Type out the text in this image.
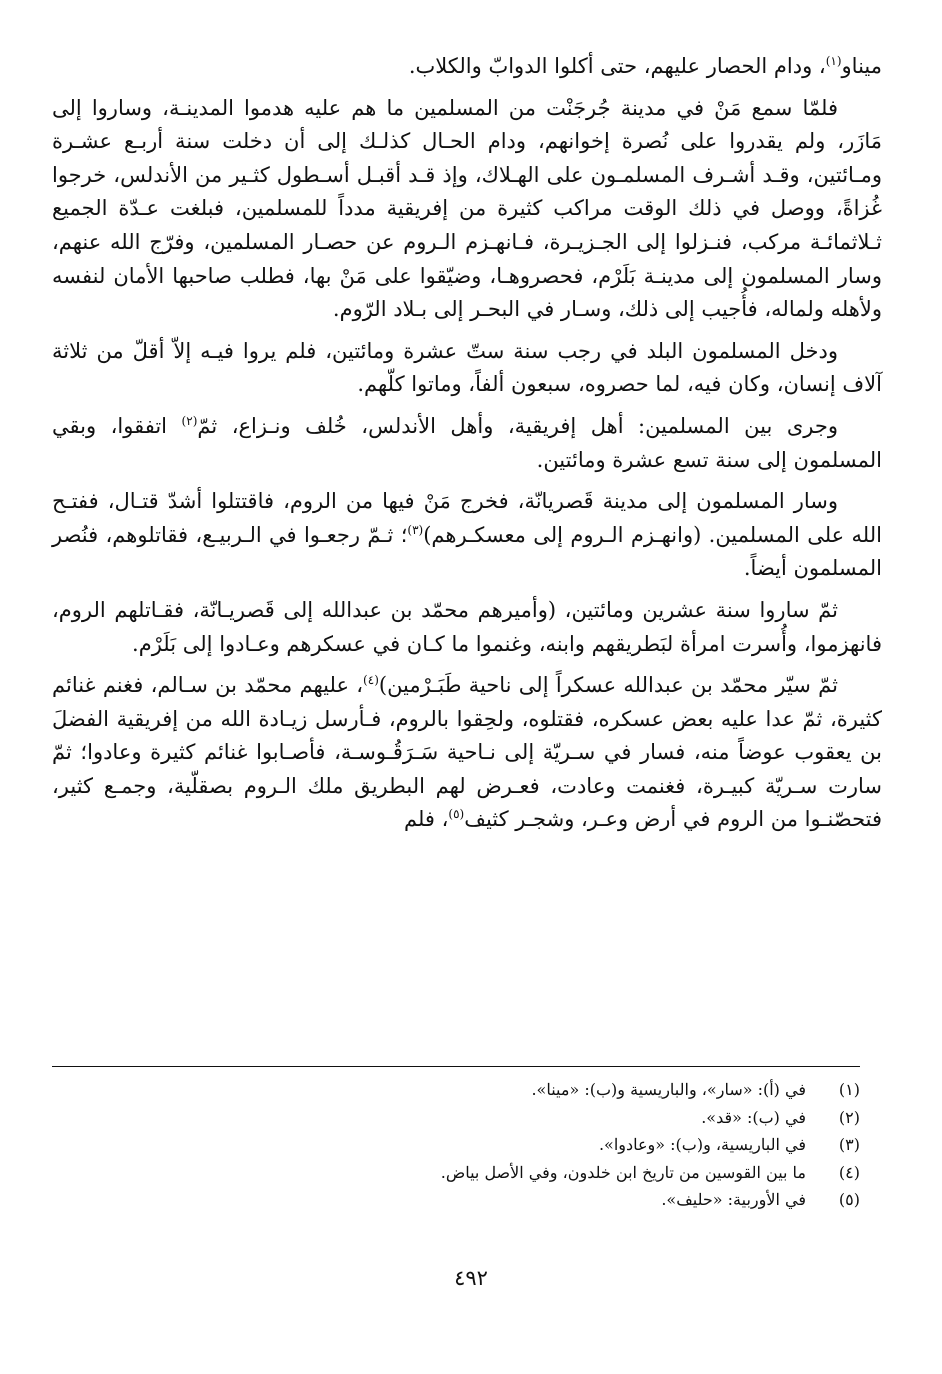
ميناو$^{(١)}$، ودام الحصار عليهم، حتى أكلوا الدوابّ والكلاب.

فلمّا سمع مَنْ في مدينة جُرجَنْت من المسلمين ما هم عليه هدموا المدينـة، وساروا إلى مَازَر، ولم يقدروا على نُصرة إخوانهم، ودام الحـال كذلـك إلى أن دخلت سنة أربـع عشـرة ومـائتين، وقـد أشـرف المسلمـون على الهـلاك، وإذ قـد أقبـل أسـطول كثـير من الأندلس، خرجوا غُزاةً، ووصل في ذلك الوقت مراكب كثيرة من إفريقية مدداً للمسلمين، فبلغت عـدّة الجميع ثـلاثمائـة مركب، فنـزلوا إلى الجـزيـرة، فـانهـزم الـروم عن حصـار المسلمين، وفرّج الله عنهم، وسار المسلمون إلى مدينـة بَلَرْم، فحصروهـا، وضيّقوا على مَنْ بها، فطلب صاحبها الأمان لنفسه ولأهله ولماله، فأُجيب إلى ذلك، وسـار في البحـر إلى بـلاد الرّوم.

ودخل المسلمون البلد في رجب سنة ستّ عشرة ومائتين، فلم يروا فيـه إلاّ أقلّ من ثلاثة آلاف إنسان، وكان فيه، لما حصروه، سبعون ألفاً، وماتوا كلّهم.

وجرى بين المسلمين: أهل إفريقية، وأهل الأندلس، خُلف ونـزاع، ثمّ$^{(٢)}$ اتفقوا، وبقي المسلمون إلى سنة تسع عشرة ومائتين.

وسار المسلمون إلى مدينة قَصريانّة، فخرج مَنْ فيها من الروم، فاقتتلوا أشدّ قتـال، ففتـح الله على المسلمين. (وانهـزم الـروم إلى معسكـرهم)$^{(٣)}$؛ ثـمّ رجعـوا في الـربيـع، فقاتلوهم، فنُصر المسلمون أيضاً.

ثمّ ساروا سنة عشرين ومائتين، (وأميرهم محمّد بن عبدالله إلى قَصريـانّة، فقـاتلهم الروم، فانهزموا، وأُسرت امرأة لبَطريقهم وابنه، وغنموا ما كـان في عسكرهم وعـادوا إلى بَلَرْم.

ثمّ سيّر محمّد بن عبدالله عسكراً إلى ناحية طَبَـرْمين)$^{(٤)}$، عليهم محمّد بن سـالم، فغنم غنائم كثيرة، ثمّ عدا عليه بعض عسكره، فقتلوه، ولحِقوا بالروم، فـأرسل زيـادة الله من إفريقية الفضلَ بن يعقوب عوضاً منه، فسار في سـريّة إلى نـاحية سَـرَقُـوسـة، فأصـابوا غنائم كثيرة وعادوا؛ ثمّ سارت سـريّة كبيـرة، فغنمت وعادت، فعـرض لهم البطريق ملك الـروم بصقلّية، وجمـع كثير، فتحصّنـوا من الروم في أرض وعـر، وشجـر كثيف$^{(٥)}$، فلم

(١)
في (أ): «سار»، والباريسية و(ب): «مينا».
(٢)
في (ب): «قد».
(٣)
في الباريسية، و(ب): «وعادوا».
(٤)
ما بين القوسين من تاريخ ابن خلدون، وفي الأصل بياض.
(٥)
في الأوربية: «حليف».
٤٩٢
